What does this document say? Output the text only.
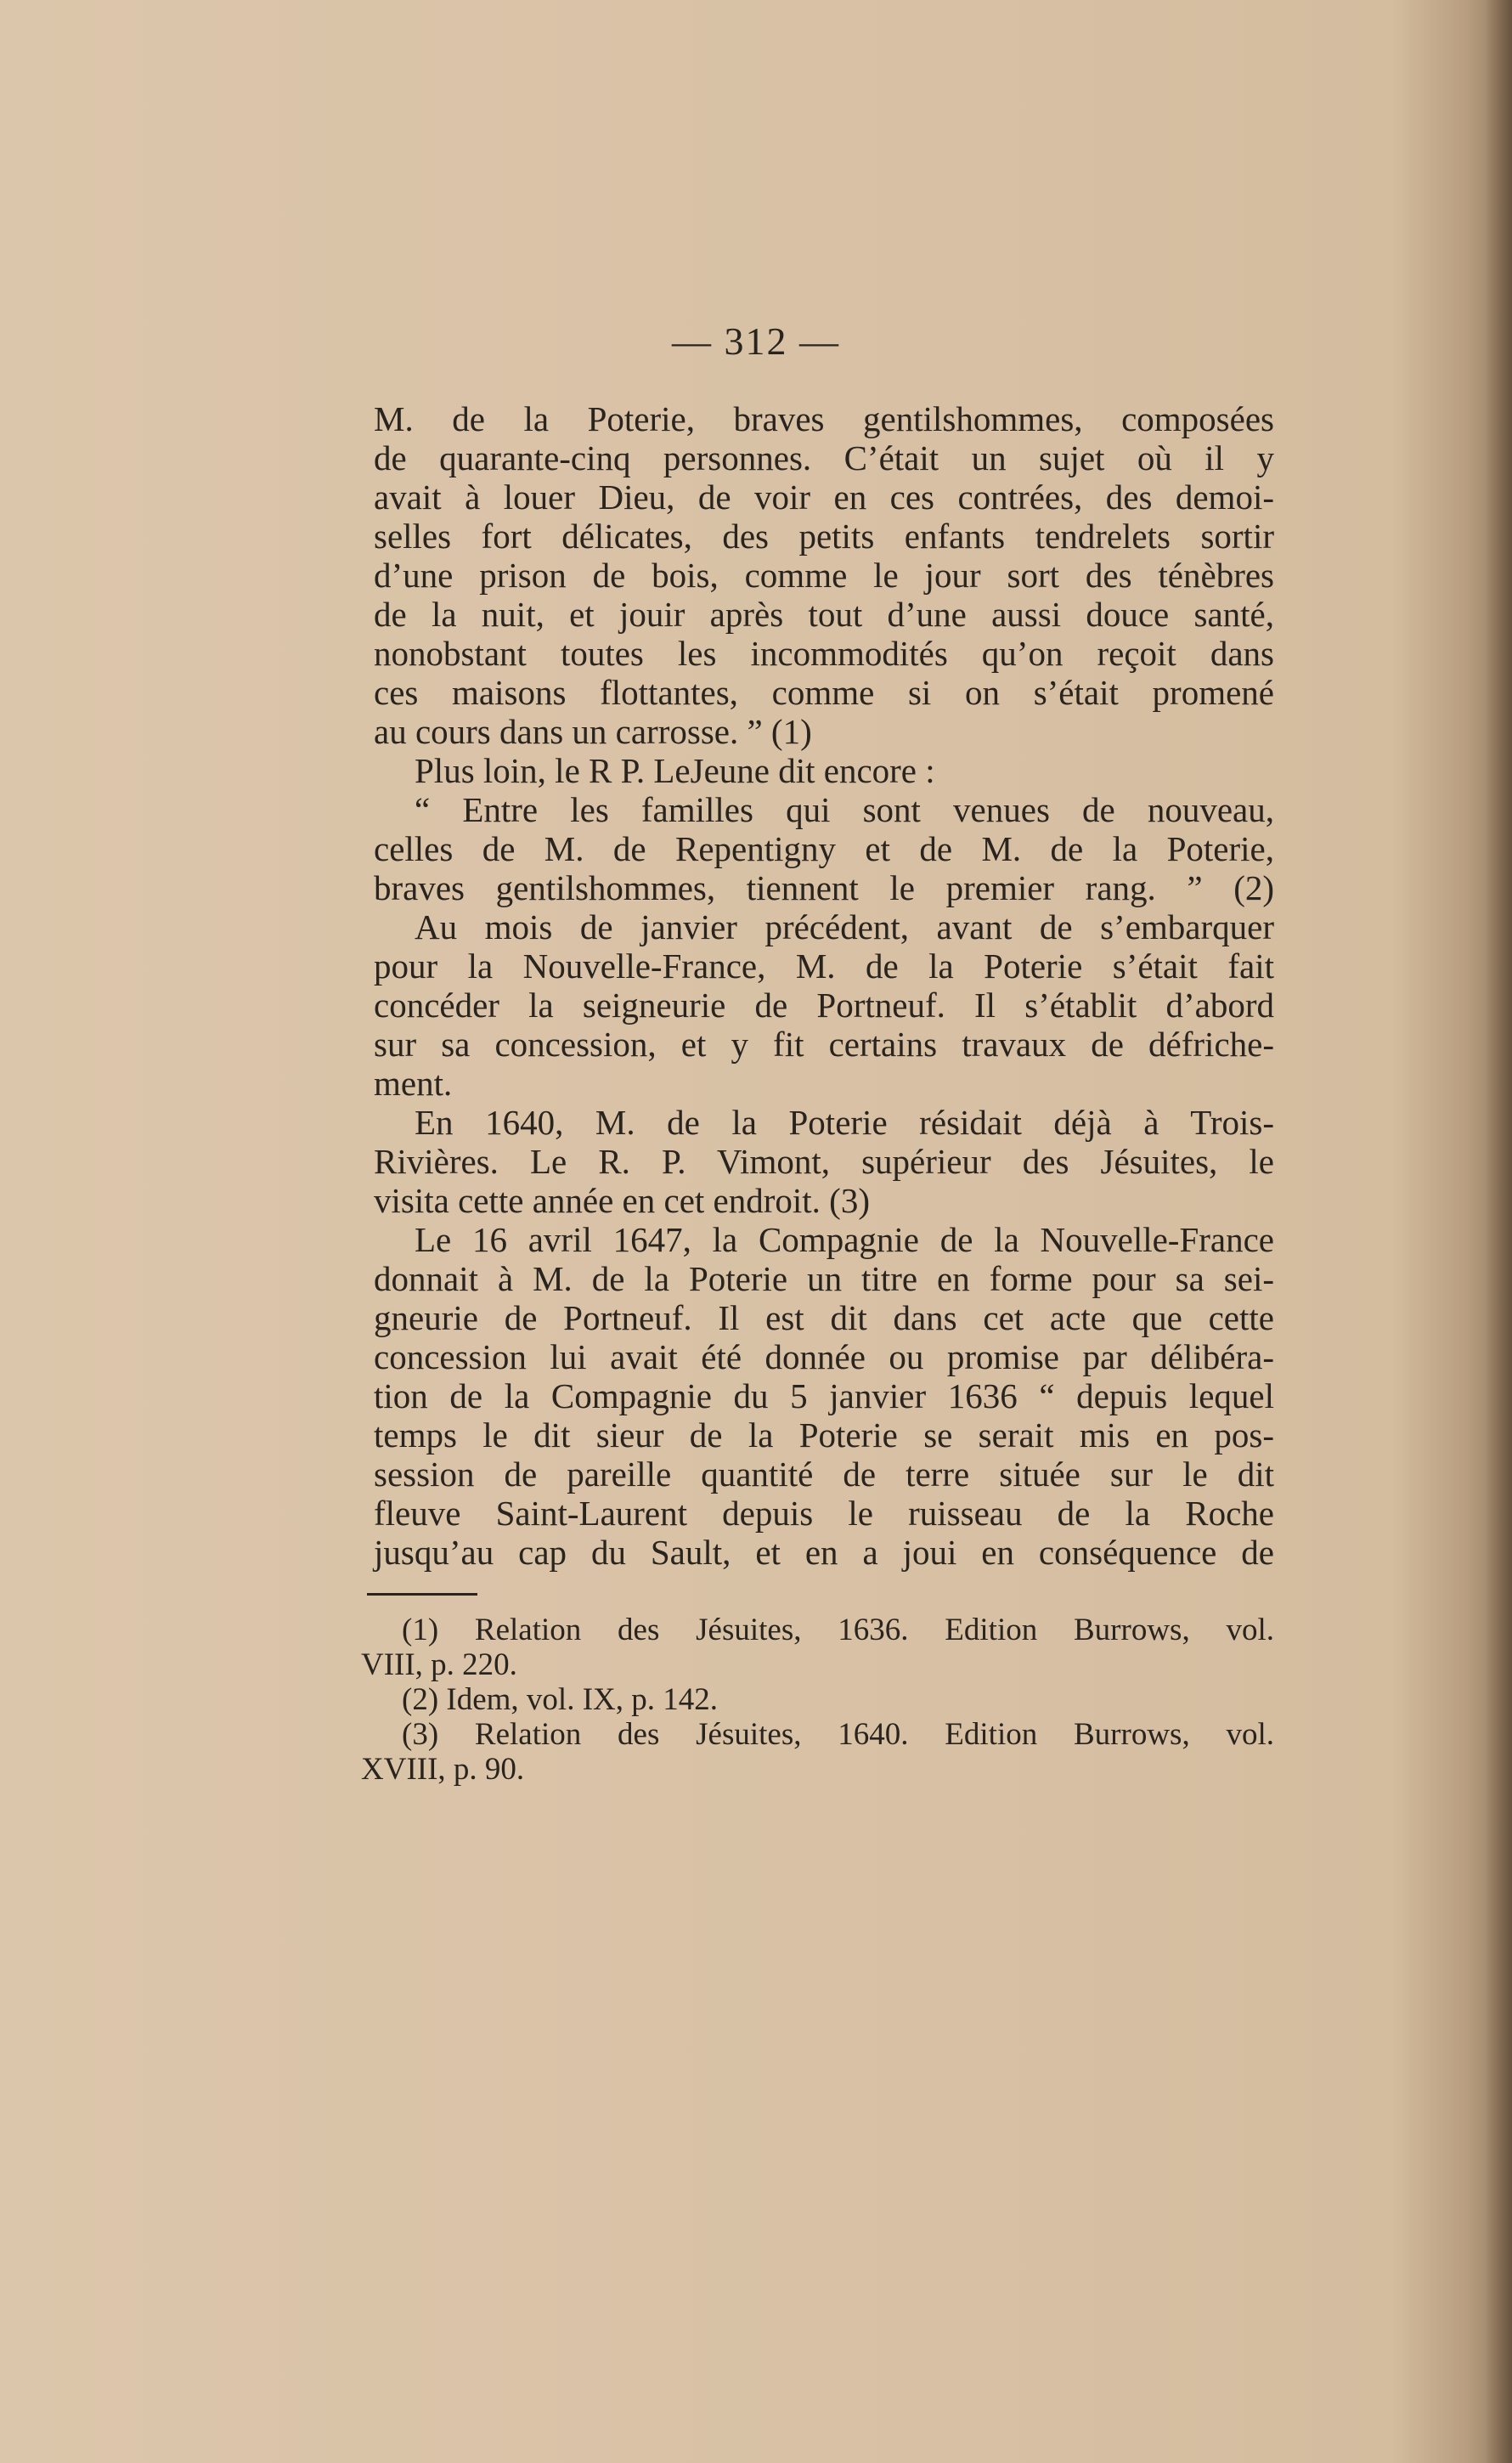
— 312 —
M. de la Poterie, braves gentilshommes, composées
de quarante-cinq personnes. C’était un sujet où il y
avait à louer Dieu, de voir en ces contrées, des demoi-
selles fort délicates, des petits enfants tendrelets sortir
d’une prison de bois, comme le jour sort des ténèbres
de la nuit, et jouir après tout d’une aussi douce santé,
nonobstant toutes les incommodités qu’on reçoit dans
ces maisons flottantes, comme si on s’était promené
au cours dans un carrosse. ” (1)
Plus loin, le R P. LeJeune dit encore :
“ Entre les familles qui sont venues de nouveau,
celles de M. de Repentigny et de M. de la Poterie,
braves gentilshommes, tiennent le premier rang. ” (2)
Au mois de janvier précédent, avant de s’embarquer
pour la Nouvelle-France, M. de la Poterie s’était fait
concéder la seigneurie de Portneuf. Il s’établit d’abord
sur sa concession, et y fit certains travaux de défriche-
ment.
En 1640, M. de la Poterie résidait déjà à Trois-
Rivières. Le R. P. Vimont, supérieur des Jésuites, le
visita cette année en cet endroit. (3)
Le 16 avril 1647, la Compagnie de la Nouvelle-France
donnait à M. de la Poterie un titre en forme pour sa sei-
gneurie de Portneuf. Il est dit dans cet acte que cette
concession lui avait été donnée ou promise par délibéra-
tion de la Compagnie du 5 janvier 1636 “ depuis lequel
temps le dit sieur de la Poterie se serait mis en pos-
session de pareille quantité de terre située sur le dit
fleuve Saint-Laurent depuis le ruisseau de la Roche
jusqu’au cap du Sault, et en a joui en conséquence de
(1) Relation des Jésuites, 1636. Edition Burrows, vol.
VIII, p. 220.
(2) Idem, vol. IX, p. 142.
(3) Relation des Jésuites, 1640. Edition Burrows, vol.
XVIII, p. 90.
